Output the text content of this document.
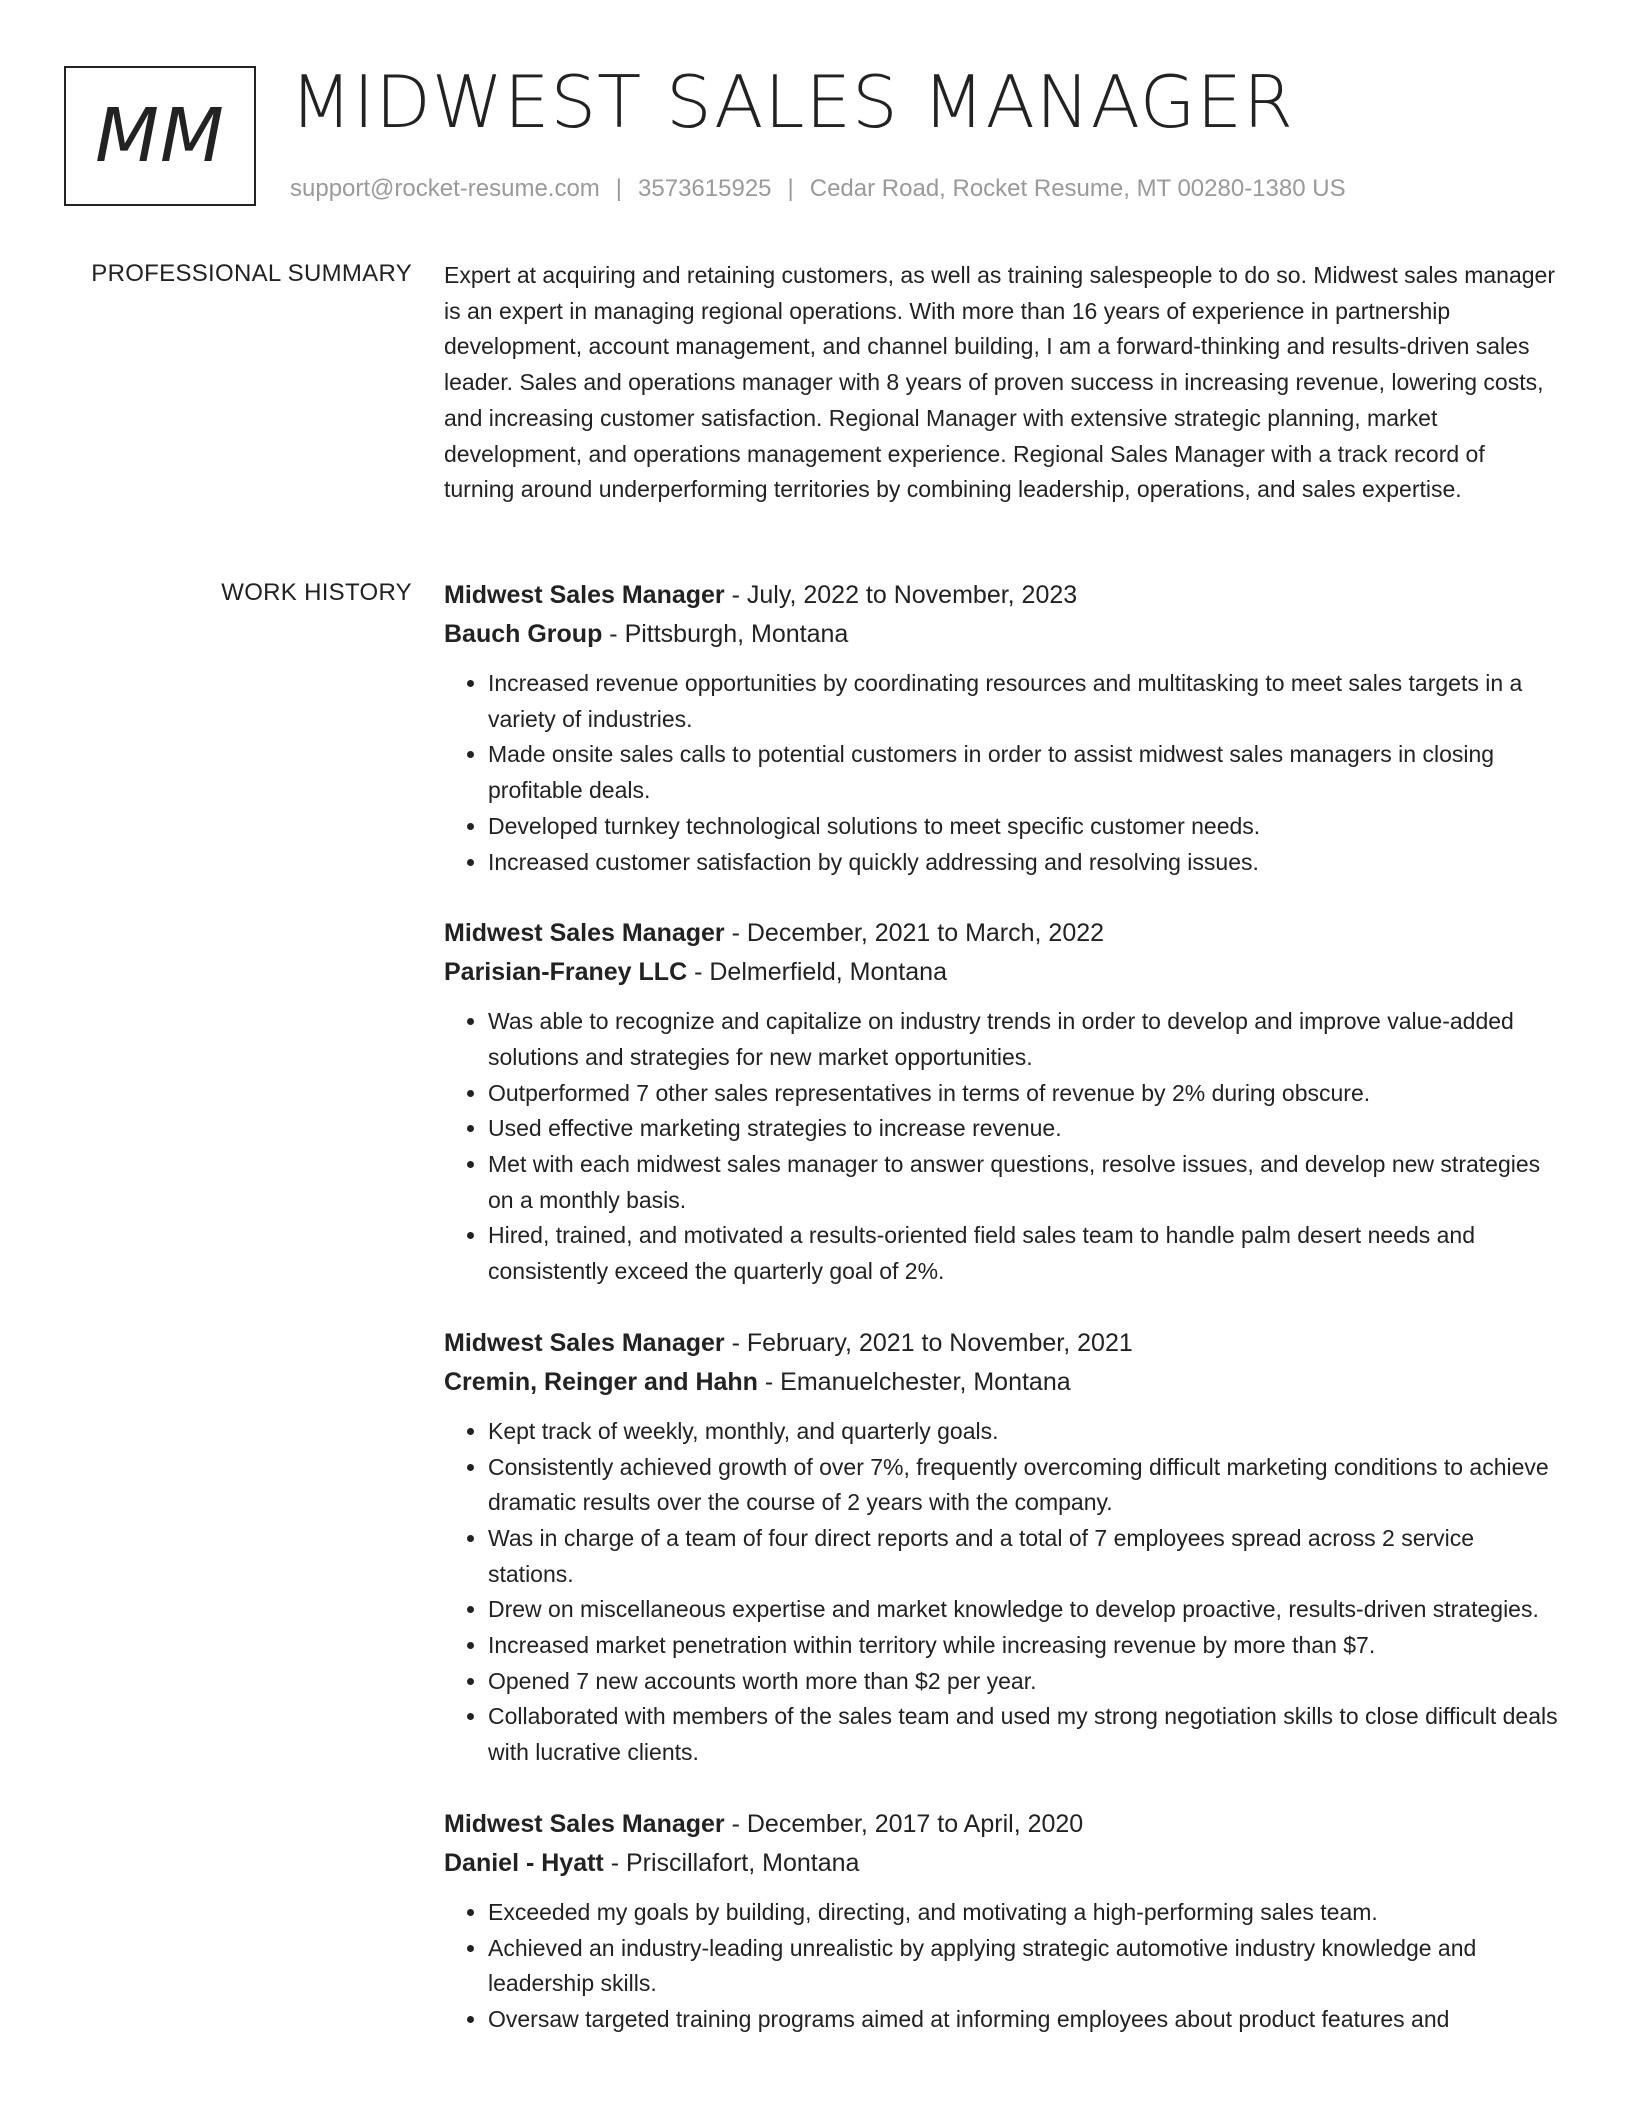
MM MIDWEST SALES MANAGER
support@rocket-resume.com | 3573615925 | Cedar Road, Rocket Resume, MT 00280-1380 US
PROFESSIONAL SUMMARY Expert at acquiring and retaining customers, as well as training salespeople to do so. Midwest sales manager is an expert in managing regional operations. With more than 16 years of experience in partnership development, account management, and channel building, I am a forward-thinking and results-driven sales leader. Sales and operations manager with 8 years of proven success in increasing revenue, lowering costs, and increasing customer satisfaction. Regional Manager with extensive strategic planning, market development, and operations management experience. Regional Sales Manager with a track record of turning around underperforming territories by combining leadership, operations, and sales expertise.

WORK HISTORY Midwest Sales Manager - July, 2022 to November, 2023
Bauch Group - Pittsburgh, Montana
• Increased revenue opportunities by coordinating resources and multitasking to meet sales targets in a variety of industries.
• Made onsite sales calls to potential customers in order to assist midwest sales managers in closing profitable deals.
• Developed turnkey technological solutions to meet specific customer needs.
• Increased customer satisfaction by quickly addressing and resolving issues.
Midwest Sales Manager - December, 2021 to March, 2022
Parisian-Franey LLC - Delmerfield, Montana
• Was able to recognize and capitalize on industry trends in order to develop and improve value-added solutions and strategies for new market opportunities.
• Outperformed 7 other sales representatives in terms of revenue by 2% during obscure.
• Used effective marketing strategies to increase revenue.
• Met with each midwest sales manager to answer questions, resolve issues, and develop new strategies on a monthly basis.
• Hired, trained, and motivated a results-oriented field sales team to handle palm desert needs and consistently exceed the quarterly goal of 2%.
Midwest Sales Manager - February, 2021 to November, 2021
Cremin, Reinger and Hahn - Emanuelchester, Montana
• Kept track of weekly, monthly, and quarterly goals.
• Consistently achieved growth of over 7%, frequently overcoming difficult marketing conditions to achieve dramatic results over the course of 2 years with the company.
• Was in charge of a team of four direct reports and a total of 7 employees spread across 2 service stations.
• Drew on miscellaneous expertise and market knowledge to develop proactive, results-driven strategies.
• Increased market penetration within territory while increasing revenue by more than $7.
• Opened 7 new accounts worth more than $2 per year.
• Collaborated with members of the sales team and used my strong negotiation skills to close difficult deals with lucrative clients.
Midwest Sales Manager - December, 2017 to April, 2020
Daniel - Hyatt - Priscillafort, Montana
• Exceeded my goals by building, directing, and motivating a high-performing sales team.
• Achieved an industry-leading unrealistic by applying strategic automotive industry knowledge and leadership skills.
• Oversaw targeted training programs aimed at informing employees about product features and
